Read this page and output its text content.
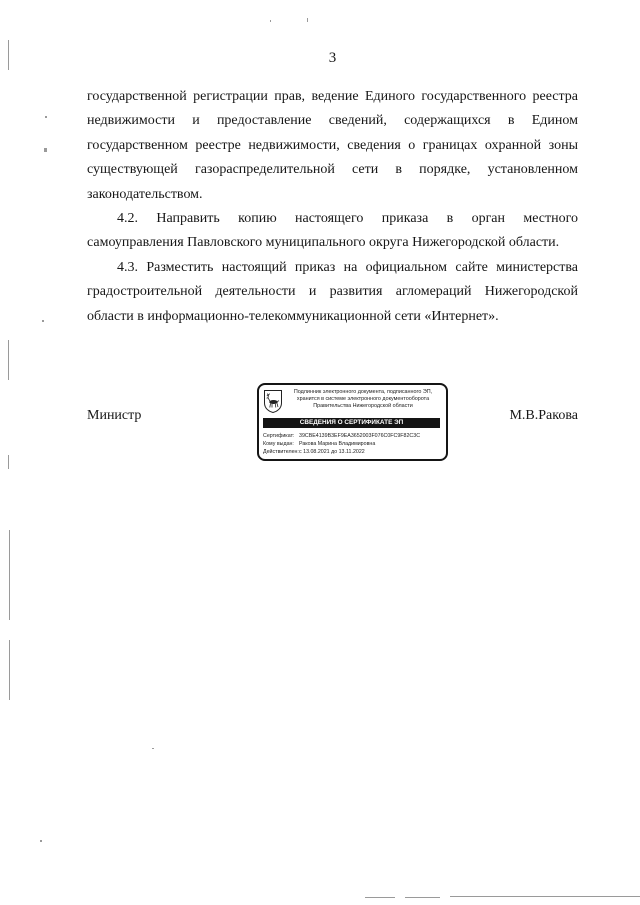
3
государственной регистрации прав, ведение Единого государственного реестра
недвижимости и предоставление сведений, содержащихся в Едином
государственном реестре недвижимости, сведения о границах охранной зоны
существующей газораспределительной сети в порядке, установленном
законодательством.
4.2. Направить копию настоящего приказа в орган местного
самоуправления Павловского муниципального округа Нижегородской области.
4.3. Разместить настоящий приказ на официальном сайте министерства
градостроительной деятельности и развития агломераций Нижегородской
области в информационно-телекоммуникационной сети «Интернет».
Министр	М.В.Ракова
Подлинник электронного документа, подписанного ЭП,
хранится в системе электронного документооборота
Правительства Нижегородской области
СВЕДЕНИЯ О СЕРТИФИКАТЕ ЭП
Сертификат: 39CBE4139B3EF9EA3652003F076C0FC9F82C3C
Кому выдан: Ракова Марина Владимировна
Действителен:с 13.08.2021 до 13.11.2022
